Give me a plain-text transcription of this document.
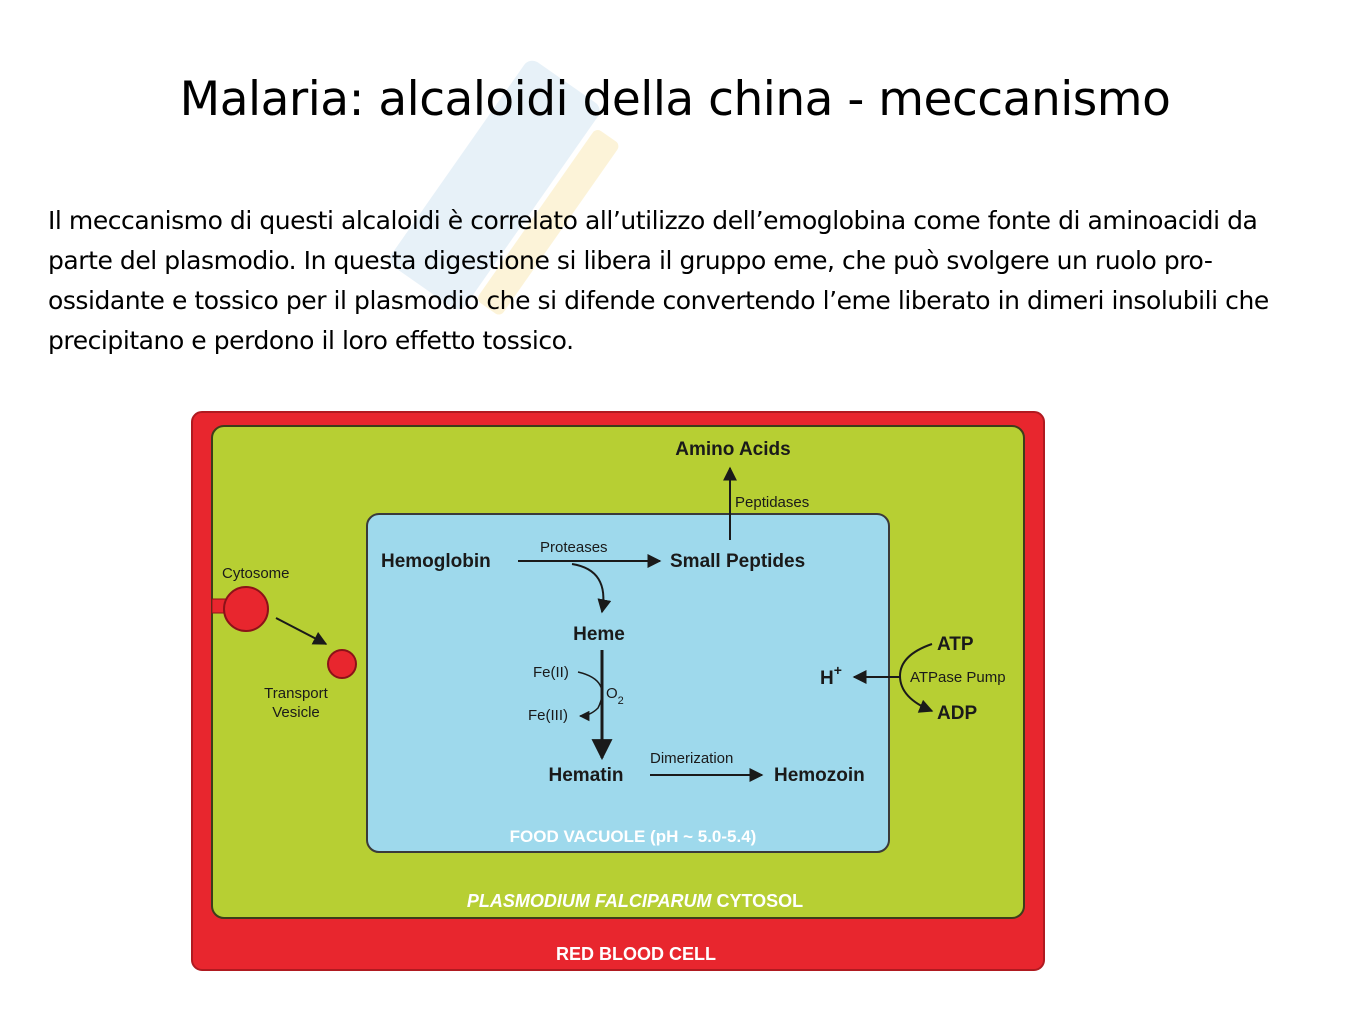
Malaria: alcaloidi della china - meccanismo

Il meccanismo di questi alcaloidi è correlato all’utilizzo dell’emoglobina come fonte di aminoacidi da parte del plasmodio. In questa digestione si libera il gruppo eme, che può svolgere un ruolo pro-ossidante e tossico per il plasmodio che si difende convertendo l’eme liberato in dimeri insolubili che precipitano e perdono il loro effetto tossico.

Amino Acids
Peptidases
Hemoglobin
Proteases
Small Peptides
Heme
Fe(II)
Fe(III)
$O_2$
Hematin
Dimerization
Hemozoin
FOOD VACUOLE (pH ~ 5.0-5.4)
PLASMODIUM FALCIPARUM CYTOSOL
RED BLOOD CELL
Cytosome
Transport
Vesicle
ATP
ADP
H+	ATPase Pump
